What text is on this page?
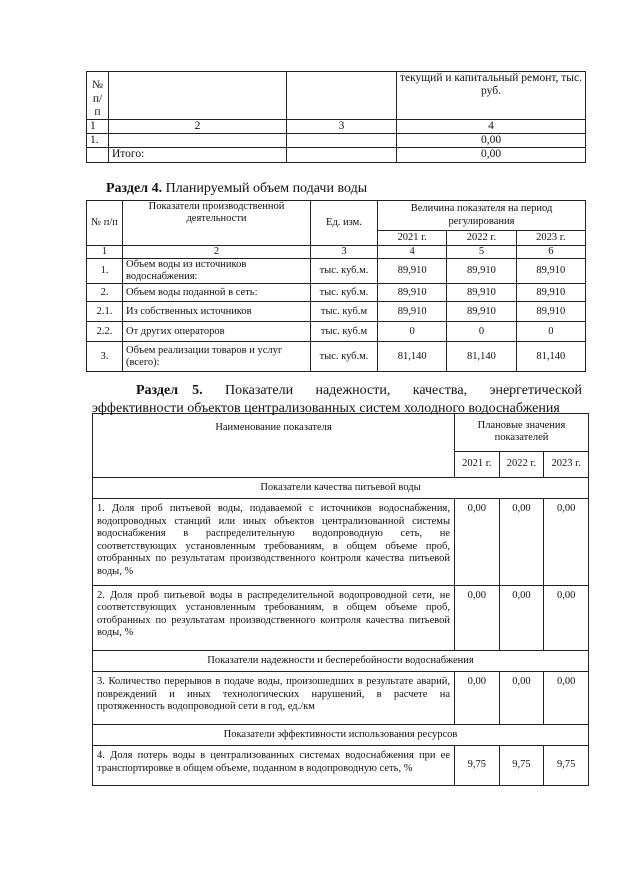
№ п/п			текущий и капитальный ремонт, тыс. руб.
1	2	3	4
1.			0,00
	Итого:		0,00
Раздел 4. Планируемый объем подачи воды
№ п/п	Показатели производственной деятельности	Ед. изм.	Величина показателя на период регулирования		
			2021 г.	2022 г.	2023 г.
1	2	3	4	5	6
1.	Объем воды из источников водоснабжения:	тыс. куб.м.	89,910	89,910	89,910
2.	Объем воды поданной в сеть:	тыс. куб.м.	89,910	89,910	89,910
2.1.	Из собственных источников	тыс. куб.м	89,910	89,910	89,910
2.2.	От других операторов	тыс. куб.м	0	0	0
3.	Объем реализации товаров и услуг (всего):	тыс. куб.м.	81,140	81,140	81,140
Раздел 5. Показатели надежности, качества, энергетической
эффективности объектов централизованных систем холодного водоснабжения
Наименование показателя	Плановые значения показателей		
	2021 г.	2022 г.	2023 г.
Показатели качества питьевой воды			
1. Доля проб питьевой воды, подаваемой с источников водоснабжения, водопроводных станций или иных объектов централизованной системы водоснабжения в распределительную водопроводную сеть, не соответствующих установленным требованиям, в общем объеме проб, отобранных по результатам производственного контроля качества питьевой воды, %	0,00	0,00	0,00
2. Доля проб питьевой воды в распределительной водопроводной сети, не соответствующих установленным требованиям, в общем объеме проб, отобранных по результатам производственного контроля качества питьевой воды, %	0,00	0,00	0,00
Показатели надежности и бесперебойности водоснабжения			
3. Количество перерывов в подаче воды, произошедших в результате аварий, повреждений и иных технологических нарушений, в расчете на протяженность водопроводной сети в год, ед./км	0,00	0,00	0,00
Показатели эффективности использования ресурсов			
4. Доля потерь воды в централизованных системах водоснабжения при ее транспортировке в общем объеме, поданном в водопроводную сеть, %	9,75	9,75	9,75
